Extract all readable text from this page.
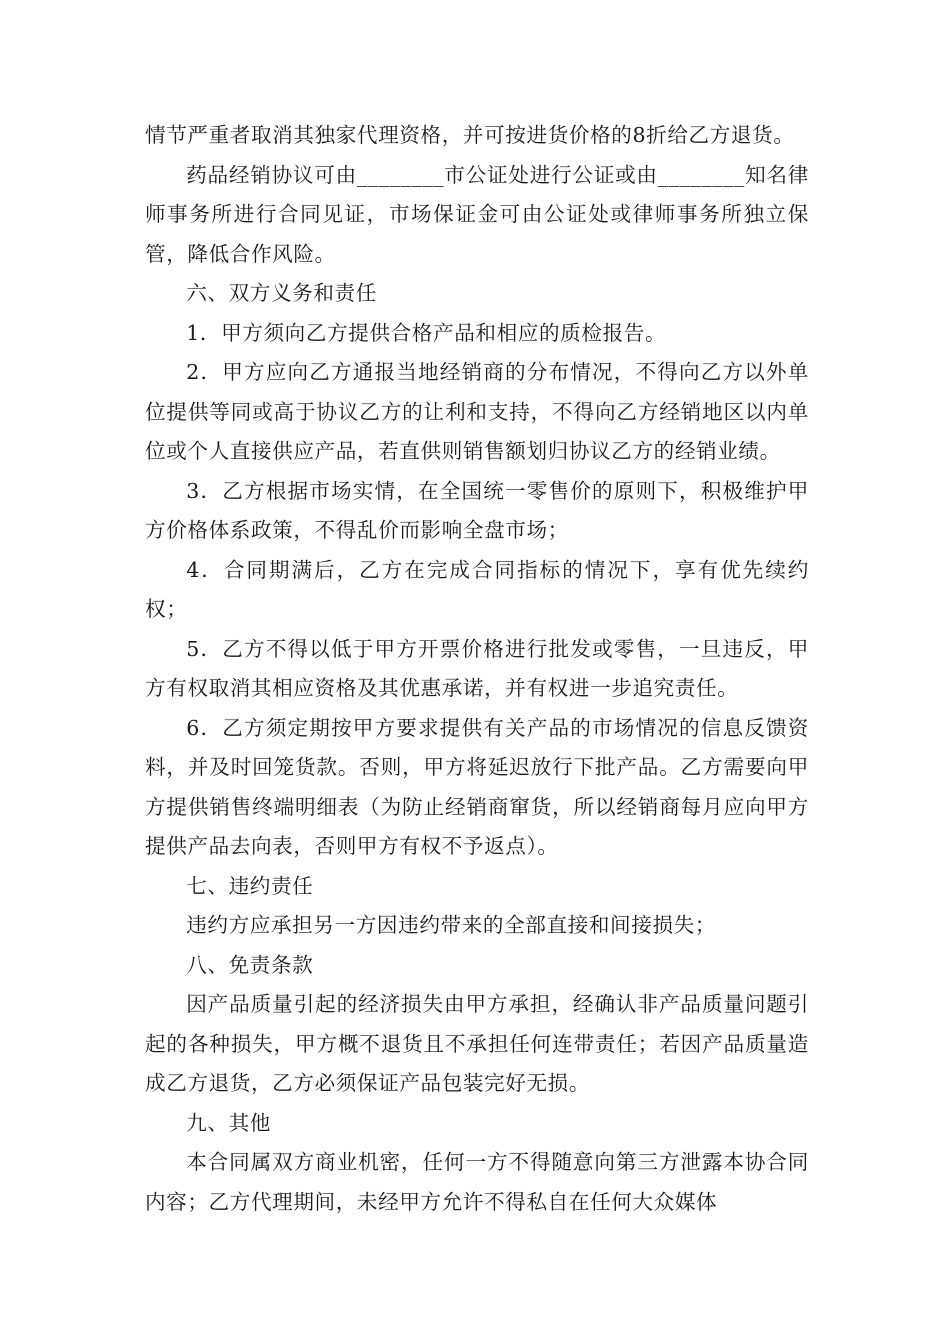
情节严重者取消其独家代理资格，并可按进货价格的8折给乙方退货。

药品经销协议可由________市公证处进行公证或由________知名律师事务所进行合同见证，市场保证金可由公证处或律师事务所独立保管，降低合作风险。

六、双方义务和责任

1．甲方须向乙方提供合格产品和相应的质检报告。

2．甲方应向乙方通报当地经销商的分布情况，不得向乙方以外单位提供等同或高于协议乙方的让利和支持，不得向乙方经销地区以内单位或个人直接供应产品，若直供则销售额划归协议乙方的经销业绩。

3．乙方根据市场实情，在全国统一零售价的原则下，积极维护甲方价格体系政策，不得乱价而影响全盘市场；

4．合同期满后，乙方在完成合同指标的情况下，享有优先续约权；

5．乙方不得以低于甲方开票价格进行批发或零售，一旦违反，甲方有权取消其相应资格及其优惠承诺，并有权进一步追究责任。

6．乙方须定期按甲方要求提供有关产品的市场情况的信息反馈资料，并及时回笼货款。否则，甲方将延迟放行下批产品。乙方需要向甲方提供销售终端明细表（为防止经销商窜货，所以经销商每月应向甲方提供产品去向表，否则甲方有权不予返点）。

七、违约责任

违约方应承担另一方因违约带来的全部直接和间接损失；

八、免责条款

因产品质量引起的经济损失由甲方承担，经确认非产品质量问题引起的各种损失，甲方概不退货且不承担任何连带责任；若因产品质量造成乙方退货，乙方必须保证产品包装完好无损。

九、其他

本合同属双方商业机密，任何一方不得随意向第三方泄露本协合同内容；乙方代理期间，未经甲方允许不得私自在任何大众媒体
